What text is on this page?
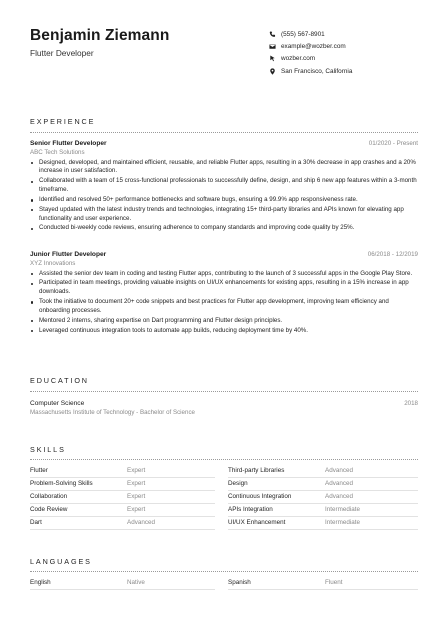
Benjamin Ziemann
Flutter Developer
(555) 567-8901
example@wozber.com
wozber.com
San Francisco, California
EXPERIENCE
Senior Flutter Developer	01/2020 - Present
ABC Tech Solutions
Designed, developed, and maintained efficient, reusable, and reliable Flutter apps, resulting in a 30% decrease in app crashes and a 20% increase in user satisfaction.
Collaborated with a team of 15 cross-functional professionals to successfully define, design, and ship 6 new app features within a 3-month timeframe.
Identified and resolved 50+ performance bottlenecks and software bugs, ensuring a 99.9% app responsiveness rate.
Stayed updated with the latest industry trends and technologies, integrating 15+ third-party libraries and APIs known for elevating app functionality and user experience.
Conducted bi-weekly code reviews, ensuring adherence to company standards and improving code quality by 25%.
Junior Flutter Developer	06/2018 - 12/2019
XYZ Innovations
Assisted the senior dev team in coding and testing Flutter apps, contributing to the launch of 3 successful apps in the Google Play Store.
Participated in team meetings, providing valuable insights on UI/UX enhancements for existing apps, resulting in a 15% increase in app downloads.
Took the initiative to document 20+ code snippets and best practices for Flutter app development, improving team efficiency and onboarding processes.
Mentored 2 interns, sharing expertise on Dart programming and Flutter design principles.
Leveraged continuous integration tools to automate app builds, reducing deployment time by 40%.
EDUCATION
Computer Science	2018
Massachusetts Institute of Technology - Bachelor of Science
SKILLS
Flutter	Expert	Third-party Libraries	Advanced
Problem-Solving Skills	Expert	Design	Advanced
Collaboration	Expert	Continuous Integration	Advanced
Code Review	Expert	APIs Integration	Intermediate
Dart	Advanced	UI/UX Enhancement	Intermediate
LANGUAGES
English	Native	Spanish	Fluent
